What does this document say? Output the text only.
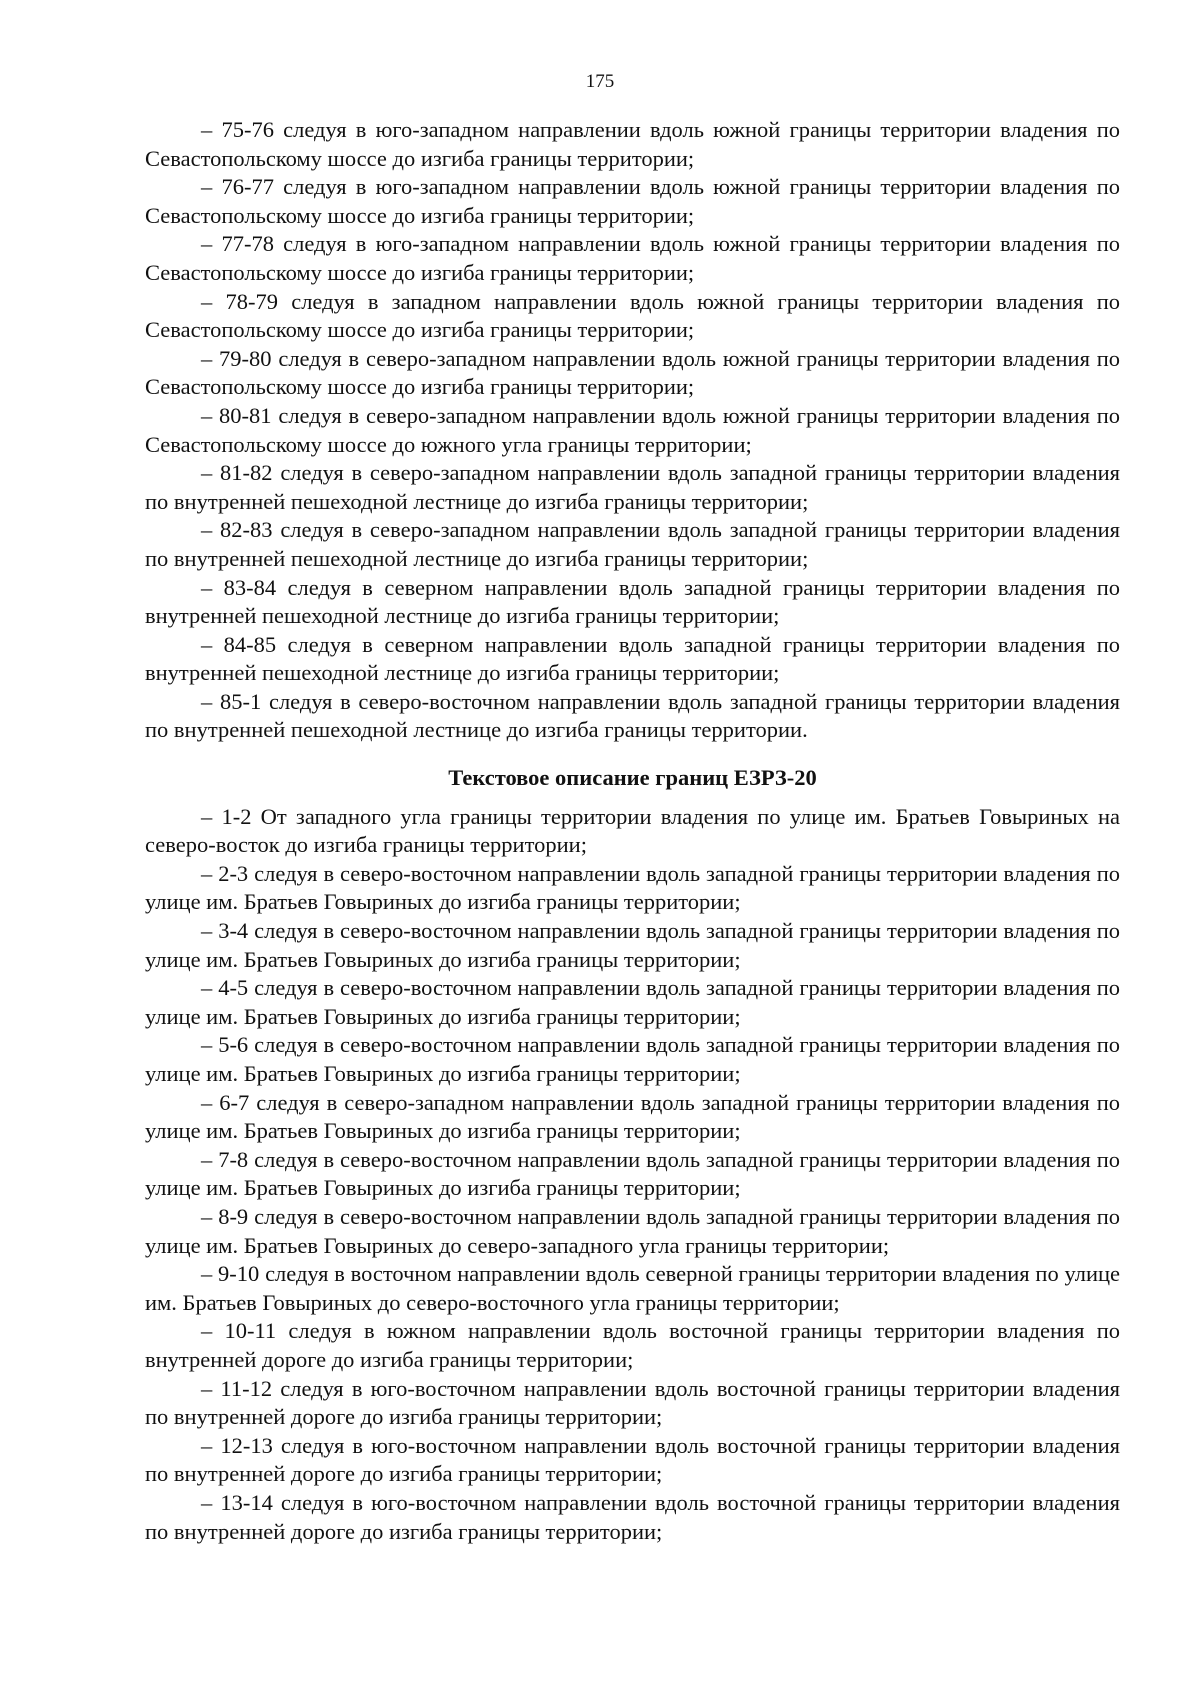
175

– 75-76 следуя в юго-западном направлении вдоль южной границы территории владения по Севастопольскому шоссе до изгиба границы территории;

– 76-77 следуя в юго-западном направлении вдоль южной границы территории владения по Севастопольскому шоссе до изгиба границы территории;

– 77-78 следуя в юго-западном направлении вдоль южной границы территории владения по Севастопольскому шоссе до изгиба границы территории;

– 78-79 следуя в западном направлении вдоль южной границы территории владения по Севастопольскому шоссе до изгиба границы территории;

– 79-80 следуя в северо-западном направлении вдоль южной границы территории владения по Севастопольскому шоссе до изгиба границы территории;

– 80-81 следуя в северо-западном направлении вдоль южной границы территории владения по Севастопольскому шоссе до южного угла границы территории;

– 81-82 следуя в северо-западном направлении вдоль западной границы территории владения по внутренней пешеходной лестнице до изгиба границы территории;

– 82-83 следуя в северо-западном направлении вдоль западной границы территории владения по внутренней пешеходной лестнице до изгиба границы территории;

– 83-84 следуя в северном направлении вдоль западной границы территории владения по внутренней пешеходной лестнице до изгиба границы территории;

– 84-85 следуя в северном направлении вдоль западной границы территории владения по внутренней пешеходной лестнице до изгиба границы территории;

– 85-1 следуя в северо-восточном направлении вдоль западной границы территории владения по внутренней пешеходной лестнице до изгиба границы территории.

Текстовое описание границ ЕЗРЗ-20

– 1-2 От западного угла границы территории владения по улице им. Братьев Говыриных на северо-восток до изгиба границы территории;

– 2-3 следуя в северо-восточном направлении вдоль западной границы территории владения по улице им. Братьев Говыриных до изгиба границы территории;

– 3-4 следуя в северо-восточном направлении вдоль западной границы территории владения по улице им. Братьев Говыриных до изгиба границы территории;

– 4-5 следуя в северо-восточном направлении вдоль западной границы территории владения по улице им. Братьев Говыриных до изгиба границы территории;

– 5-6 следуя в северо-восточном направлении вдоль западной границы территории владения по улице им. Братьев Говыриных до изгиба границы территории;

– 6-7 следуя в северо-западном направлении вдоль западной границы территории владения по улице им. Братьев Говыриных до изгиба границы территории;

– 7-8 следуя в северо-восточном направлении вдоль западной границы территории владения по улице им. Братьев Говыриных до изгиба границы территории;

– 8-9 следуя в северо-восточном направлении вдоль западной границы территории владения по улице им. Братьев Говыриных до северо-западного угла границы территории;

– 9-10 следуя в восточном направлении вдоль северной границы территории владения по улице им. Братьев Говыриных до северо-восточного угла границы территории;

– 10-11 следуя в южном направлении вдоль восточной границы территории владения по внутренней дороге до изгиба границы территории;

– 11-12 следуя в юго-восточном направлении вдоль восточной границы территории владения по внутренней дороге до изгиба границы территории;

– 12-13 следуя в юго-восточном направлении вдоль восточной границы территории владения по внутренней дороге до изгиба границы территории;

– 13-14 следуя в юго-восточном направлении вдоль восточной границы территории владения по внутренней дороге до изгиба границы территории;
